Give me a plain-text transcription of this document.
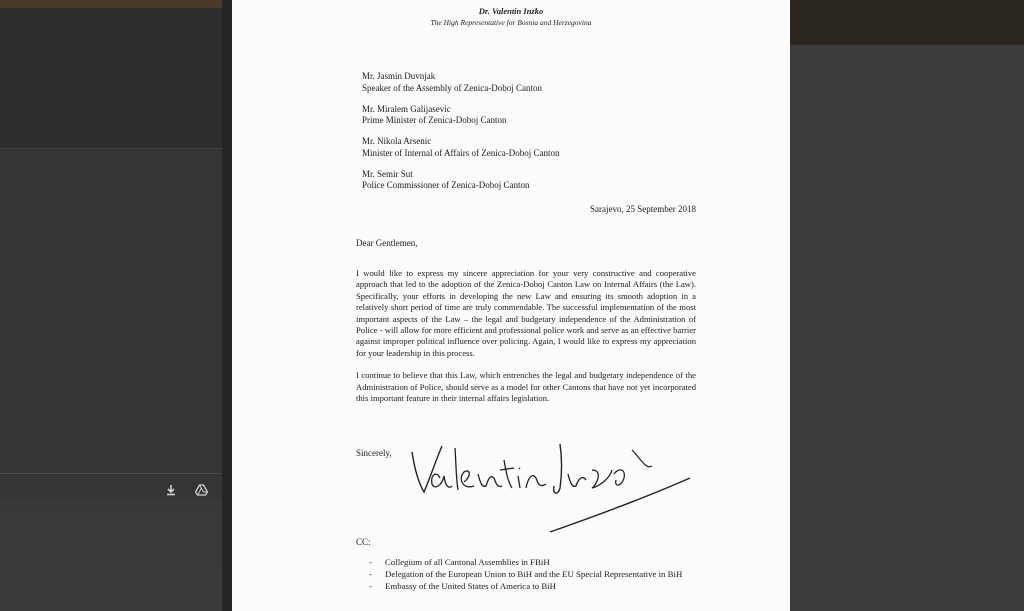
Dr. Valentin Inzko
The High Representative for Bosnia and Herzegovina
Mr. Jasmin Duvnjak
Speaker of the Assembly of Zenica-Doboj Canton
Mr. Miralem Galijasevic
Prime Minister of Zenica-Doboj Canton
Mr. Nikola Arsenic
Minister of Internal of Affairs of Zenica-Doboj Canton
Mr. Semir Sut
Police Commissioner of Zenica-Doboj Canton
Sarajevo, 25 September 2018
Dear Gentlemen,

I would like to express my sincere appreciation for your very constructive and cooperative approach that led to the adoption of the Zenica-Doboj Canton Law on Internal Affairs (the Law). Specifically, your efforts in developing the new Law and ensuring its smooth adoption in a relatively short period of time are truly commendable. The successful implementation of the most important aspects of the Law – the legal and budgetary independence of the Administration of Police - will allow for more efficient and professional police work and serve as an effective barrier against improper political influence over policing. Again, I would like to express my appreciation for your leadership in this process.

I continue to believe that this Law, which entrenches the legal and budgetary independence of the Administration of Police, should serve as a model for other Cantons that have not yet incorporated this important feature in their internal affairs legislation.

Sincerely,
CC:
- Collegium of all Cantonal Assemblies in FBiH
- Delegation of the European Union to BiH and the EU Special Representative in BiH
- Embassy of the United States of America to BiH
